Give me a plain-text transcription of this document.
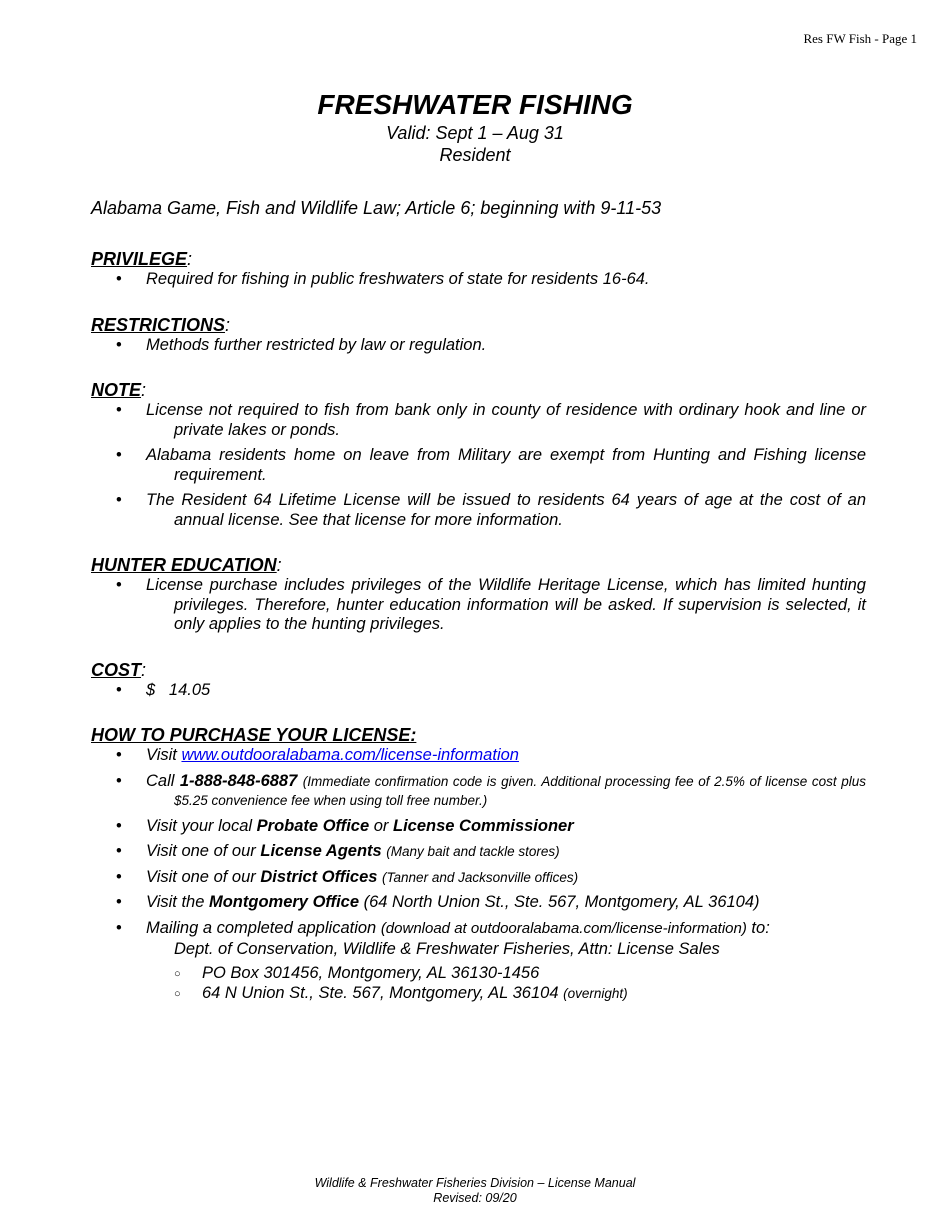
Res FW Fish - Page 1

FRESHWATER FISHING

Valid: Sept 1 – Aug 31

Resident

Alabama Game, Fish and Wildlife Law; Article 6; beginning with 9-11-53

PRIVILEGE:

• Required for fishing in public freshwaters of state for residents 16-64.

RESTRICTIONS:

• Methods further restricted by law or regulation.

NOTE:

• License not required to fish from bank only in county of residence with ordinary hook and line or private lakes or ponds.
• Alabama residents home on leave from Military are exempt from Hunting and Fishing license requirement.
• The Resident 64 Lifetime License will be issued to residents 64 years of age at the cost of an annual license. See that license for more information.

HUNTER EDUCATION:

• License purchase includes privileges of the Wildlife Heritage License, which has limited hunting privileges. Therefore, hunter education information will be asked. If supervision is selected, it only applies to the hunting privileges.

COST:

• $   14.05

HOW TO PURCHASE YOUR LICENSE:

• Visit www.outdooralabama.com/license-information
• Call 1-888-848-6887 (Immediate confirmation code is given. Additional processing fee of 2.5% of license cost plus $5.25 convenience fee when using toll free number.)
• Visit your local Probate Office or License Commissioner
• Visit one of our License Agents (Many bait and tackle stores)
• Visit one of our District Offices (Tanner and Jacksonville offices)
• Visit the Montgomery Office (64 North Union St., Ste. 567, Montgomery, AL 36104)
• Mailing a completed application (download at outdooralabama.com/license-information) to:
Dept. of Conservation, Wildlife & Freshwater Fisheries, Attn: License Sales
○ PO Box 301456, Montgomery, AL 36130-1456
○ 64 N Union St., Ste. 567, Montgomery, AL 36104 (overnight)
Wildlife & Freshwater Fisheries Division – License Manual
Revised: 09/20
